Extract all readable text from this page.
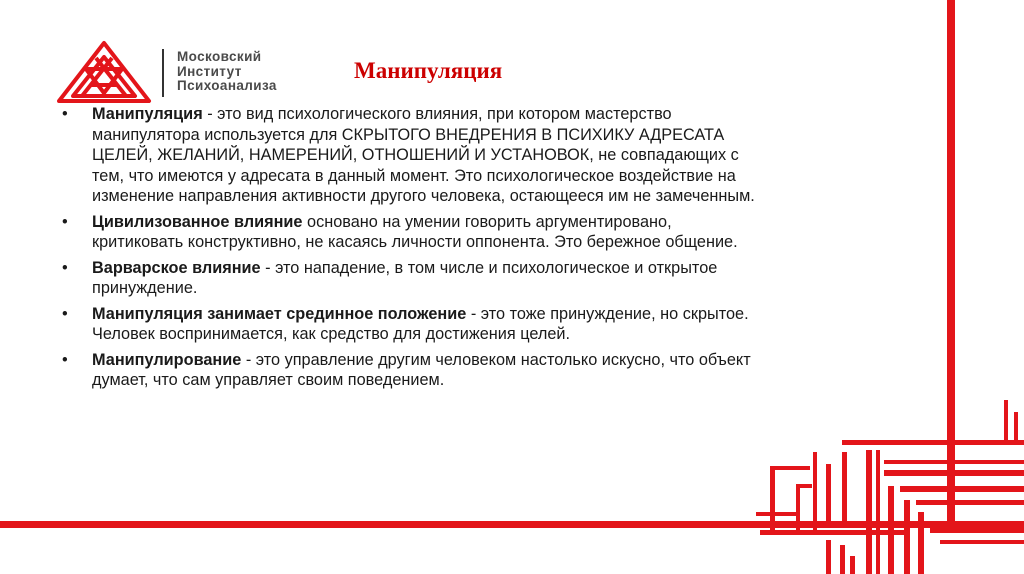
Московский
Институт
Психоанализа
Манипуляция
• Манипуляция - это вид психологического влияния, при котором мастерство манипулятора используется для СКРЫТОГО ВНЕДРЕНИЯ В ПСИХИКУ АДРЕСАТА ЦЕЛЕЙ, ЖЕЛАНИЙ, НАМЕРЕНИЙ, ОТНОШЕНИЙ И УСТАНОВОК, не совпадающих с тем, что имеются у адресата в данный момент. Это психологическое воздействие на изменение направления активности другого человека, остающееся им не замеченным.
• Цивилизованное влияние основано на умении говорить аргументировано, критиковать конструктивно, не касаясь личности оппонента. Это бережное общение.
• Варварское влияние - это нападение, в том числе и психологическое и открытое принуждение.
• Манипуляция занимает срединное положение - это тоже принуждение, но скрытое. Человек воспринимается, как средство для достижения целей.
• Манипулирование - это управление другим человеком настолько искусно, что объект думает, что сам управляет своим поведением.
